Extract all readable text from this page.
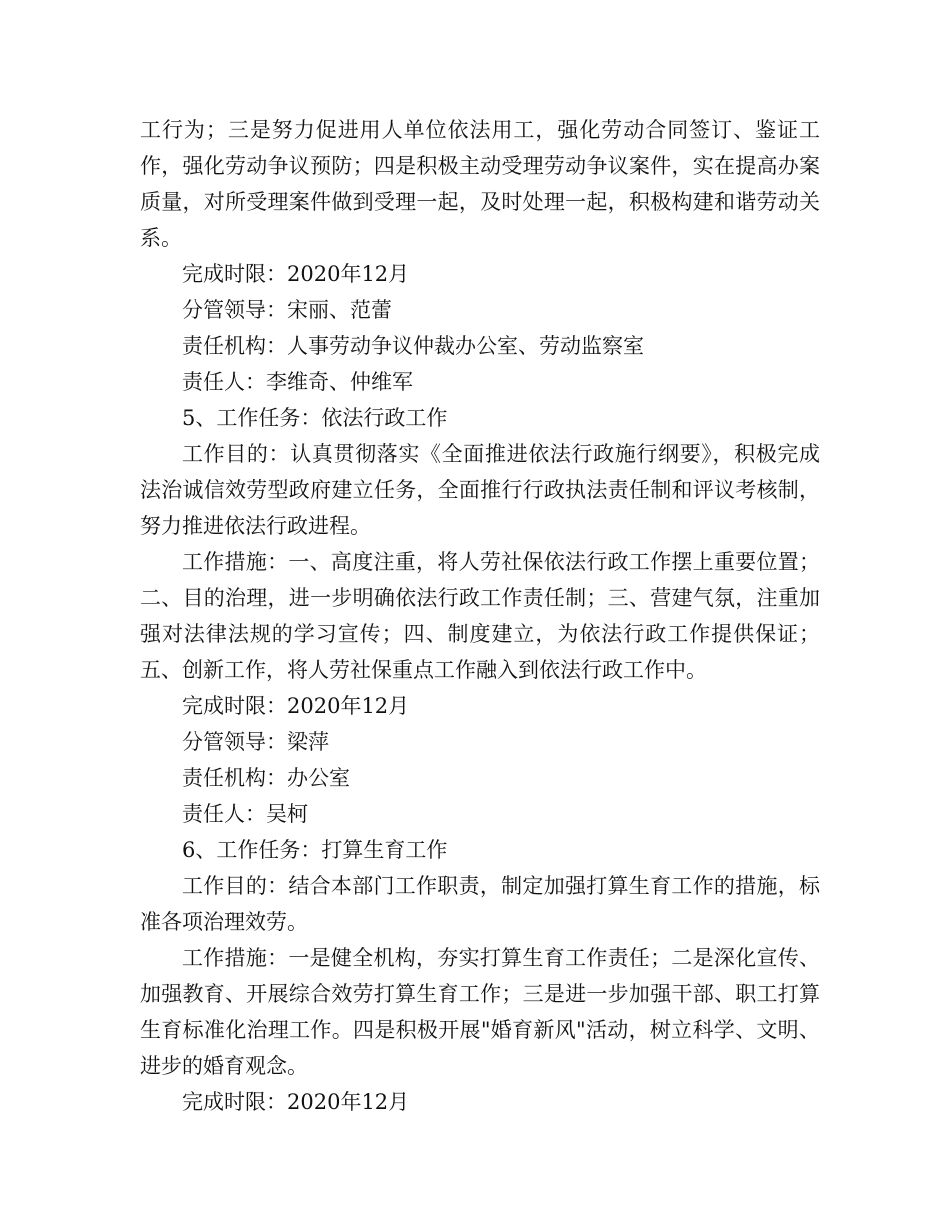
工行为；三是努力促进用人单位依法用工，强化劳动合同签订、鉴证工作，强化劳动争议预防；四是积极主动受理劳动争议案件，实在提高办案质量，对所受理案件做到受理一起，及时处理一起，积极构建和谐劳动关系。

完成时限：2020年12月

分管领导：宋丽、范蕾

责任机构：人事劳动争议仲裁办公室、劳动监察室

责任人：李维奇、仲维军

5、工作任务：依法行政工作

工作目的：认真贯彻落实《全面推进依法行政施行纲要》，积极完成法治诚信效劳型政府建立任务，全面推行行政执法责任制和评议考核制，努力推进依法行政进程。

工作措施：一、高度注重，将人劳社保依法行政工作摆上重要位置；二、目的治理，进一步明确依法行政工作责任制；三、营建气氛，注重加强对法律法规的学习宣传；四、制度建立，为依法行政工作提供保证；五、创新工作，将人劳社保重点工作融入到依法行政工作中。

完成时限：2020年12月

分管领导：梁萍

责任机构：办公室

责任人：吴柯

6、工作任务：打算生育工作

工作目的：结合本部门工作职责，制定加强打算生育工作的措施，标准各项治理效劳。

工作措施：一是健全机构，夯实打算生育工作责任；二是深化宣传、加强教育、开展综合效劳打算生育工作；三是进一步加强干部、职工打算生育标准化治理工作。四是积极开展"婚育新风"活动，树立科学、文明、进步的婚育观念。

完成时限：2020年12月
